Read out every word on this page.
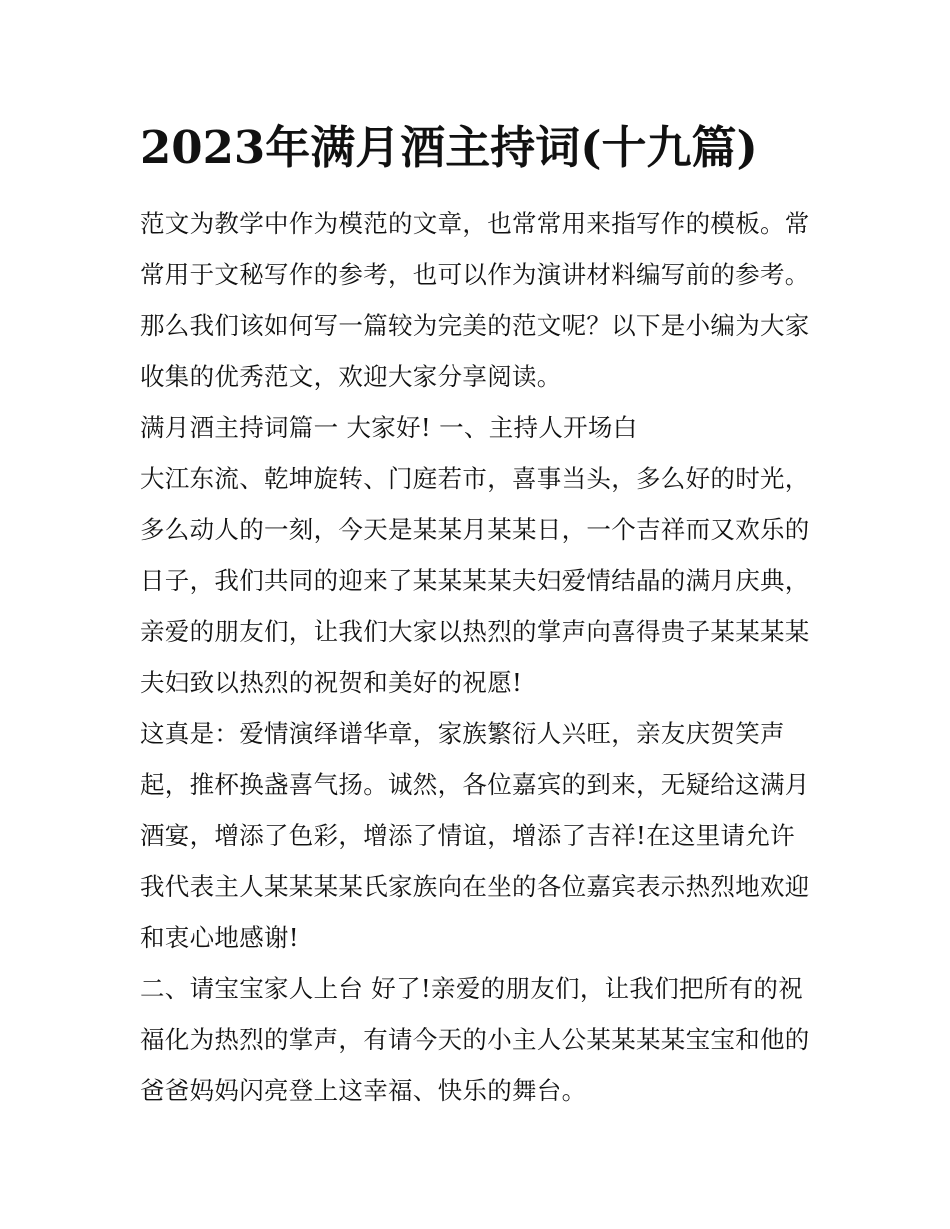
2023年满月酒主持词(十九篇)

范文为教学中作为模范的文章，也常常用来指写作的模板。常
常用于文秘写作的参考，也可以作为演讲材料编写前的参考。
那么我们该如何写一篇较为完美的范文呢？以下是小编为大家
收集的优秀范文，欢迎大家分享阅读。

满月酒主持词篇一 大家好! 一、主持人开场白

大江东流、乾坤旋转、门庭若市，喜事当头，多么好的时光，
多么动人的一刻，今天是某某月某某日，一个吉祥而又欢乐的
日子，我们共同的迎来了某某某某夫妇爱情结晶的满月庆典，
亲爱的朋友们，让我们大家以热烈的掌声向喜得贵子某某某某
夫妇致以热烈的祝贺和美好的祝愿!

这真是：爱情演绎谱华章，家族繁衍人兴旺，亲友庆贺笑声
起，推杯换盏喜气扬。诚然，各位嘉宾的到来，无疑给这满月
酒宴，增添了色彩，增添了情谊，增添了吉祥!在这里请允许
我代表主人某某某某氏家族向在坐的各位嘉宾表示热烈地欢迎
和衷心地感谢!

二、请宝宝家人上台 好了!亲爱的朋友们，让我们把所有的祝
福化为热烈的掌声，有请今天的小主人公某某某某宝宝和他的
爸爸妈妈闪亮登上这幸福、快乐的舞台。
